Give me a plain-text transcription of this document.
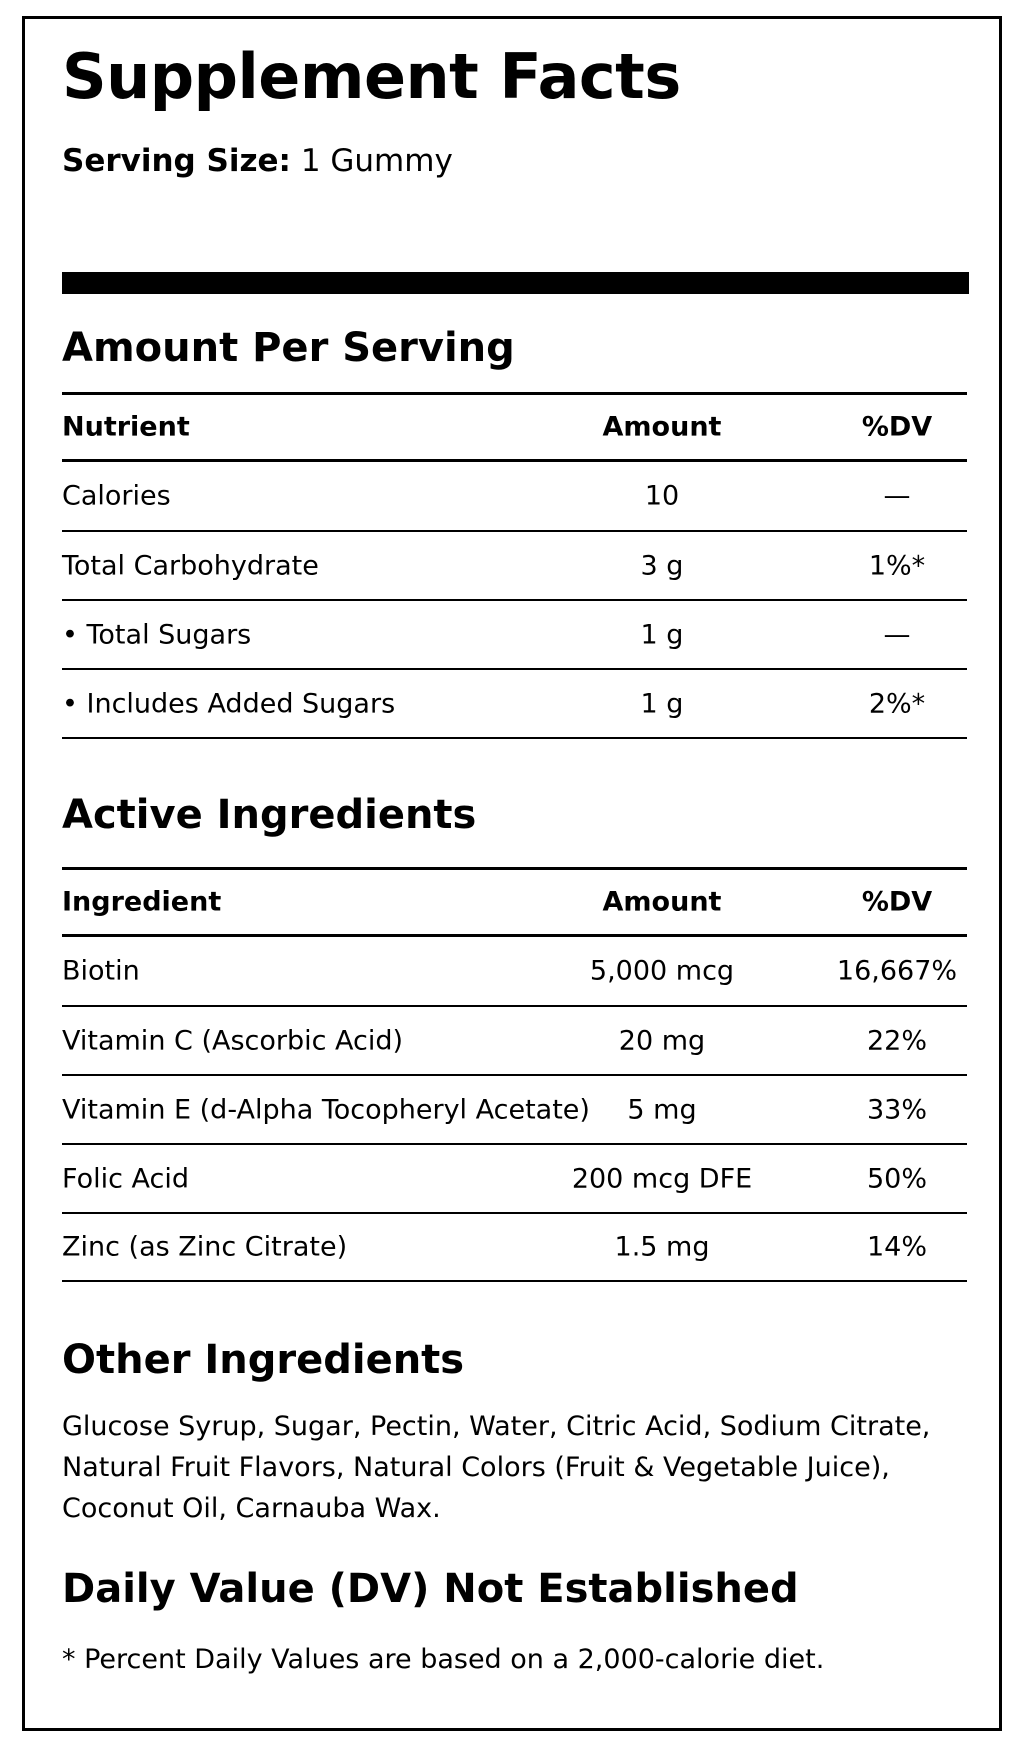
Supplement Facts
Serving Size: 1 Gummy
Amount Per Serving
Nutrient	Amount	%DV
Calories	10	—
Total Carbohydrate	3 g	1%*
• Total Sugars	1 g	—
• Includes Added Sugars	1 g	2%*
Active Ingredients
Ingredient	Amount	%DV
Biotin	5,000 mcg	16,667%
Vitamin C (Ascorbic Acid)	20 mg	22%
Vitamin E (d-Alpha Tocopheryl Acetate)	5 mg	33%
Folic Acid	200 mcg DFE	50%
Zinc (as Zinc Citrate)	1.5 mg	14%
Other Ingredients
Glucose Syrup, Sugar, Pectin, Water, Citric Acid, Sodium Citrate, Natural Fruit Flavors, Natural Colors (Fruit & Vegetable Juice), Coconut Oil, Carnauba Wax.
Daily Value (DV) Not Established
* Percent Daily Values are based on a 2,000-calorie diet.
